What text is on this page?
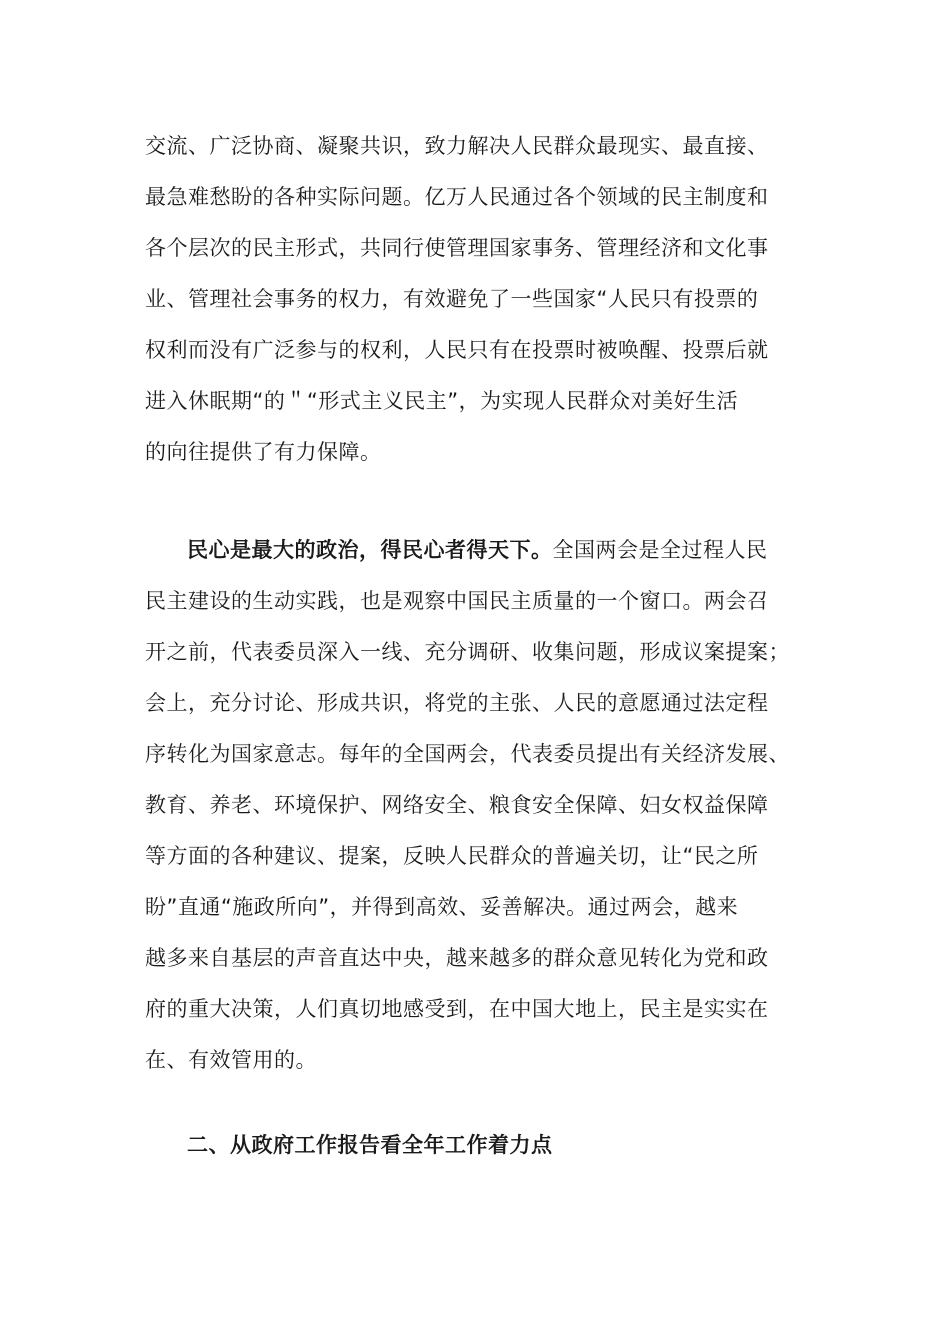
交流、广泛协商、凝聚共识，致力解决人民群众最现实、最直接、
最急难愁盼的各种实际问题。亿万人民通过各个领域的民主制度和
各个层次的民主形式，共同行使管理国家事务、管理经济和文化事
业、管理社会事务的权力，有效避免了一些国家“人民只有投票的
权利而没有广泛参与的权利，人民只有在投票时被唤醒、投票后就
进入休眠期“的＂“形式主义民主”，为实现人民群众对美好生活
的向往提供了有力保障。
民心是最大的政治，得民心者得天下。全国两会是全过程人民
民主建设的生动实践，也是观察中国民主质量的一个窗口。两会召
开之前，代表委员深入一线、充分调研、收集问题，形成议案提案；
会上，充分讨论、形成共识，将党的主张、人民的意愿通过法定程
序转化为国家意志。每年的全国两会，代表委员提出有关经济发展、
教育、养老、环境保护、网络安全、粮食安全保障、妇女权益保障
等方面的各种建议、提案，反映人民群众的普遍关切，让“民之所
盼”直通“施政所向”，并得到高效、妥善解决。通过两会，越来
越多来自基层的声音直达中央，越来越多的群众意见转化为党和政
府的重大决策，人们真切地感受到，在中国大地上，民主是实实在
在、有效管用的。
二、从政府工作报告看全年工作着力点
